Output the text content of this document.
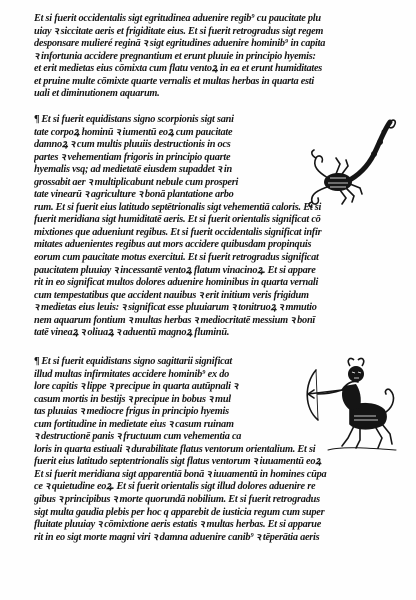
Et si fuerit occidentalis sigt egritudinea aduenire regib⁹ cu paucitate plu
uiay ꝛ siccitate aeris et frigiditate eius. Et si fuerit retrogradus sigt regem
desponsare mulieré reginā ꝛ sigt egritudines aduenire hominib⁹ in capita
ꝛ infortunia accidere pregnantium et erunt pluuie in principio hyemis:
et erit medietas eius cōmixta cum flatu ventoꝝ in ea et erunt humiditates
et pruine multe cōmixte quarte vernalis et multas herbas in quarta esti
uali et diminutionem aquarum.
¶ Et si fuerit equidistans signo scorpionis sigt sani
tate corpoꝝ hominū ꝛ iumentū eoꝝ cum paucitate
damnoꝝ ꝛ cum multis pluuiis destructionis in ocs
partes ꝛ vehementiam frigoris in principio quarte
hyemalis vsq; ad medietatē eiusdem supaddet ꝛ in
grossabit aer ꝛ multiplicabunt nebule cum prosperi
tate vinearū ꝛ agriculture ꝛ bonā plantatione arbo
rum. Et si fuerit eius latitudo septētrionalis sigt vehementiā caloris. Et si
fuerit meridiana sigt humiditatē aeris. Et si fuerit orientalis significat cō
mixtiones que adueniunt regibus. Et si fuerit occidentalis significat infir
mitates aduenientes regibus aut mors accidere quibusdam propinquis
eorum cum paucitate motus exercitui. Et si fuerit retrogradus significat
paucitatem pluuiay ꝛ incessantē ventoꝝ flatum vinacinoꝝ. Et si appare
rit in eo significat multos dolores aduenire hominibus in quarta vernali
cum tempestatibus que accident nauibus ꝛ erit initium veris frigidum
ꝛ medietas eius leuis: ꝛ significat esse pluuiarum ꝛ tonitruoꝝ ꝛ mmutio
nem aquarum fontium ꝛ multas herbas ꝛ mediocritatē messium ꝛ bonī
tatē vineaꝝ ꝛ oliuaꝝ ꝛ aduentū magnoꝝ fluminū.
¶ Et si fuerit equidistans signo sagittarii significat
illud multas infirmitates accidere hominib⁹ ex do
lore capitis ꝛ lippe ꝛ precipue in quarta autūpnali ꝛ
casum mortis in bestijs ꝛ precipue in bobus ꝛ mul
tas pluuias ꝛ mediocre frigus in principio hyemis
cum fortitudine in medietate eius ꝛ casum ruinam
ꝛ destructionē panis ꝛ fructuum cum vehementia ca
loris in quarta estiuali ꝛ durabilitate flatus ventorum orientalium. Et si
fuerit eius latitudo septentrionalis sigt flatus ventorum ꝛ iuuamentū eoꝝ
Et si fuerit meridiana sigt apparentiā bonā ꝛ iuuamentū in homines cūpa
ce ꝛ quietudine eoꝝ. Et si fuerit orientalis sigt illud dolores aduenire re
gibus ꝛ principibus ꝛ morte quorundā nobilium. Et si fuerit retrogradus
sigt multa gaudia plebis per hoc q apparebit de iusticia regum cum super
fluitate pluuiay ꝛ cōmixtione aeris estatis ꝛ multas herbas. Et si apparue
rit in eo sigt morte magni viri ꝛ damna aduenire canib⁹ ꝛ tēperātia aeris
